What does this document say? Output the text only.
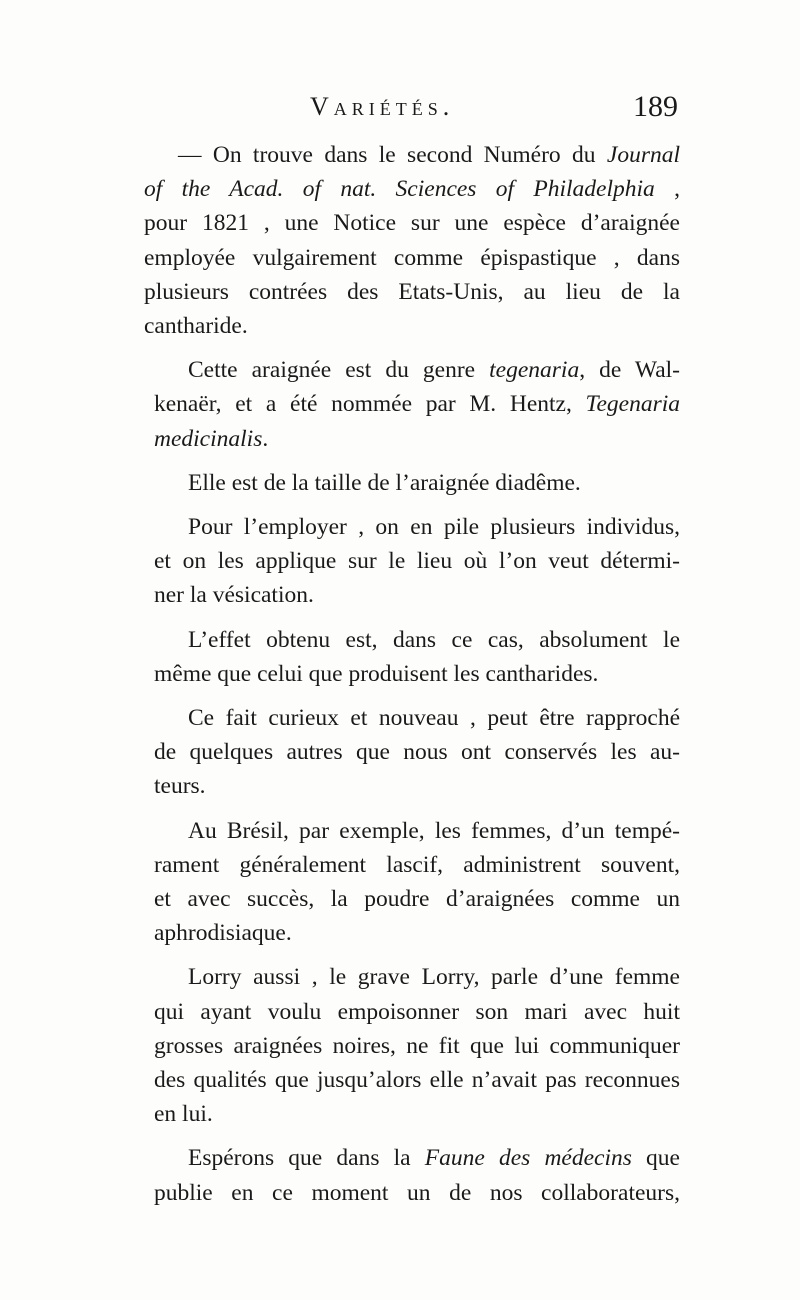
Variétés.	189
— On trouve dans le second Numéro du Journal
of the Acad. of nat. Sciences of Philadelphia ,
pour 1821 , une Notice sur une espèce d’araignée
employée vulgairement comme épispastique , dans
plusieurs contrées des Etats-Unis, au lieu de la
cantharide.
Cette araignée est du genre tegenaria, de Wal-
kenaër, et a été nommée par M. Hentz, Tegenaria
medicinalis.
Elle est de la taille de l’araignée diadême.
Pour l’employer , on en pile plusieurs individus,
et on les applique sur le lieu où l’on veut détermi-
ner la vésication.
L’effet obtenu est, dans ce cas, absolument le
même que celui que produisent les cantharides.
Ce fait curieux et nouveau , peut être rapproché
de quelques autres que nous ont conservés les au-
teurs.
Au Brésil, par exemple, les femmes, d’un tempé-
rament généralement lascif, administrent souvent,
et avec succès, la poudre d’araignées comme un
aphrodisiaque.
Lorry aussi , le grave Lorry, parle d’une femme
qui ayant voulu empoisonner son mari avec huit
grosses araignées noires, ne fit que lui communiquer
des qualités que jusqu’alors elle n’avait pas reconnues
en lui.
Espérons que dans la Faune des médecins que
publie en ce moment un de nos collaborateurs,
